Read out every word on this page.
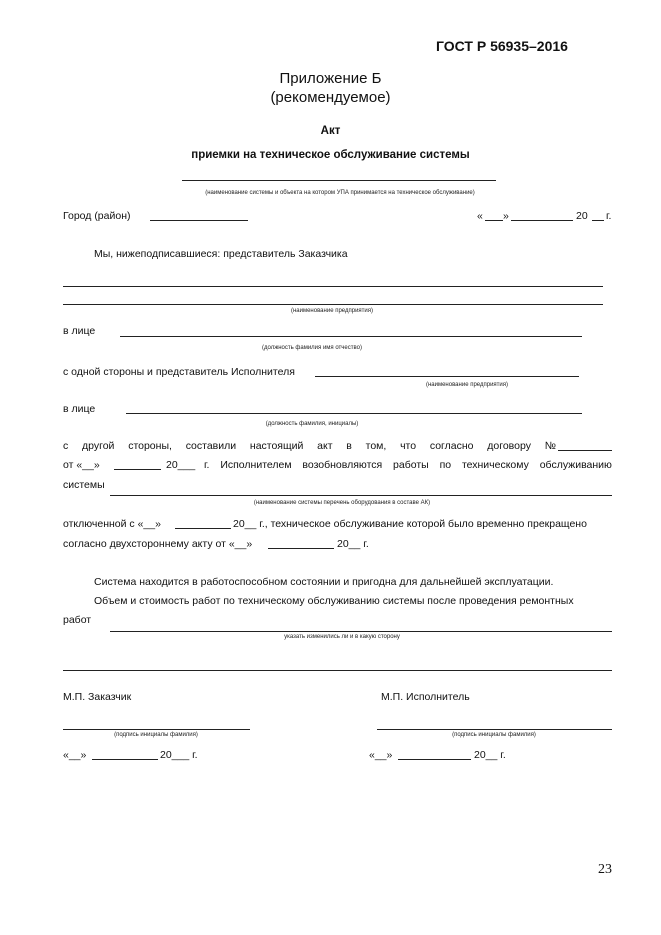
ГОСТ Р 56935–2016
Приложение Б
(рекомендуемое)
Акт
приемки на техническое обслуживание системы
(наименование системы и объекта на котором УПА принимается на техническое обслуживание)
Город (район)	« »	20 г.
Мы, нижеподписавшиеся: представитель Заказчика
(наименование предприятия)
в лице
(должность фамилия имя отчество)
с одной стороны и представитель Исполнителя
(наименование предприятия)
в лице
(должность фамилия, инициалы)
с другой стороны, составили настоящий акт в том, что согласно договору №
от «__»	20___ г. Исполнителем возобновляются работы по техническому обслуживанию
системы
(наименование системы перечень оборудования в составе АК)
отключенной с «__»	20__ г., техническое обслуживание которой было временно прекращено
согласно двухстороннему акту от «__»	20__ г.
Система находится в работоспособном состоянии и пригодна для дальнейшей эксплуатации.
Объем и стоимость работ по техническому обслуживанию системы после проведения ремонтных
работ
указать изменились ли и в какую сторону
М.П. Заказчик	М.П. Исполнитель
(подпись инициалы фамилия)	(подпись инициалы фамилия)
«__»	20___ г.	«__»	20__ г.
23
